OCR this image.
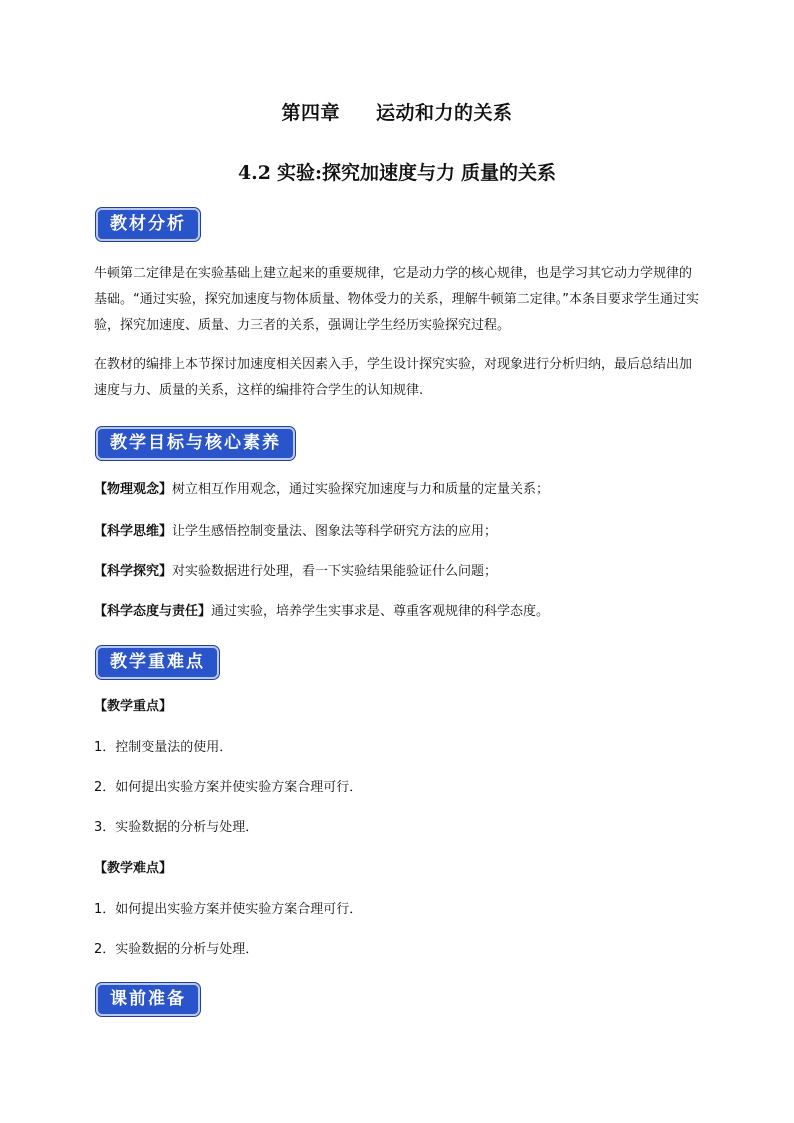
第四章 运动和力的关系
4.2 实验:探究加速度与力 质量的关系
教材分析
牛顿第二定律是在实验基础上建立起来的重要规律，它是动力学的核心规律，也是学习其它动力学规律的基础。“通过实验，探究加速度与物体质量、物体受力的关系，理解牛顿第二定律。”本条目要求学生通过实验，探究加速度、质量、力三者的关系，强调让学生经历实验探究过程。
在教材的编排上本节探讨加速度相关因素入手，学生设计探究实验，对现象进行分析归纳，最后总结出加速度与力、质量的关系，这样的编排符合学生的认知规律.
教学目标与核心素养
【物理观念】树立相互作用观念，通过实验探究加速度与力和质量的定量关系；
【科学思维】让学生感悟控制变量法、图象法等科学研究方法的应用；
【科学探究】对实验数据进行处理，看一下实验结果能验证什么问题；
【科学态度与责任】通过实验，培养学生实事求是、尊重客观规律的科学态度。
教学重难点
【教学重点】
1．控制变量法的使用．
2．如何提出实验方案并使实验方案合理可行．
3．实验数据的分析与处理．
【教学难点】
1．如何提出实验方案并使实验方案合理可行．
2．实验数据的分析与处理．
课前准备
